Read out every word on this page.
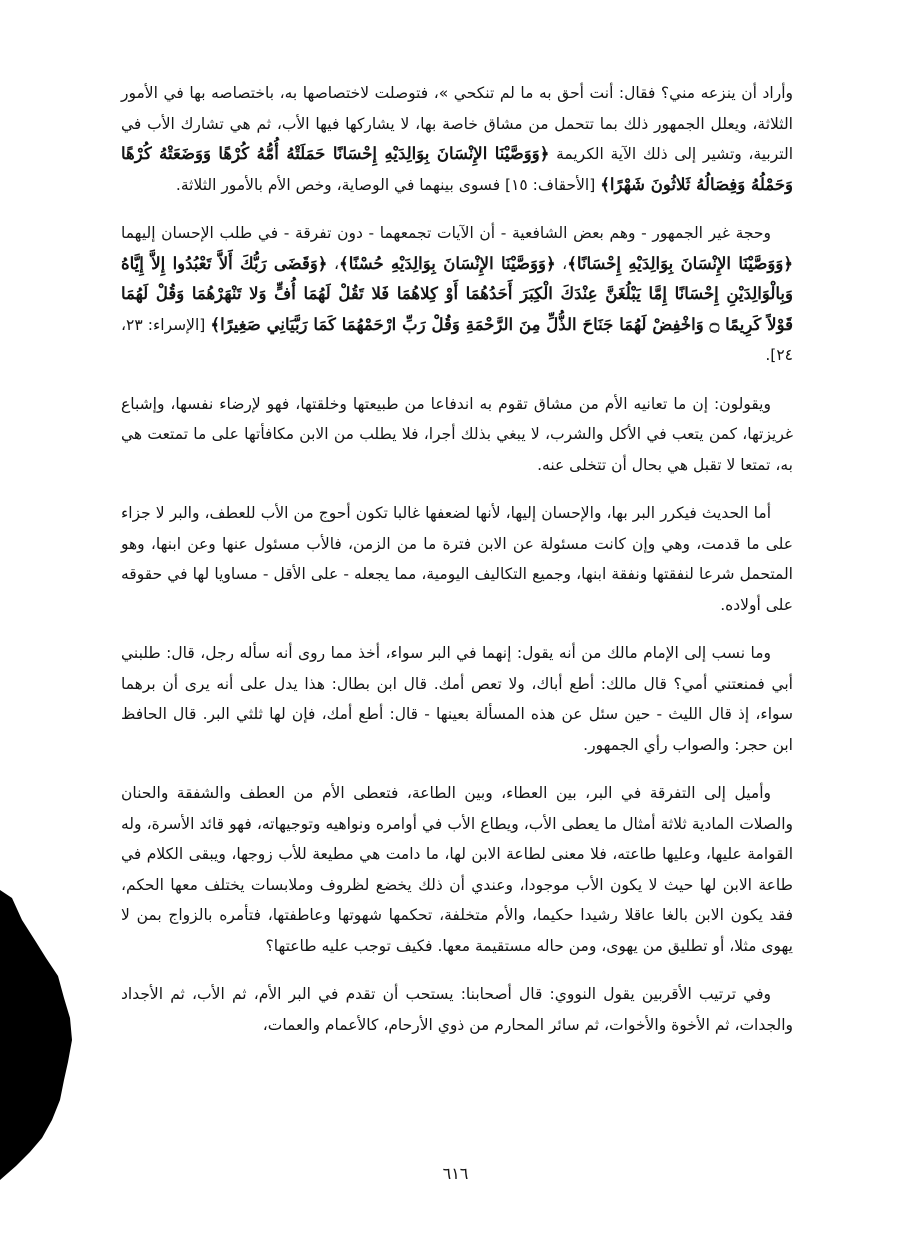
وأراد أن ينزعه مني؟ فقال: أنت أحق به ما لم تنكحي »، فتوصلت لاختصاصها به، باختصاصه بها في الأمور الثلاثة، ويعلل الجمهور ذلك بما تتحمل من مشاق خاصة بها، لا يشاركها فيها الأب، ثم هي تشارك الأب في التربية، وتشير إلى ذلك الآية الكريمة ﴿وَوَصَّيْنَا الإِنْسَانَ بِوَالِدَيْهِ إِحْسَانًا حَمَلَتْهُ أُمُّهُ كُرْهًا وَوَضَعَتْهُ كُرْهًا وَحَمْلُهُ وَفِصَالُهُ ثَلاثُونَ شَهْرًا﴾ [الأحقاف: ١٥] فسوى بينهما في الوصاية، وخص الأم بالأمور الثلاثة.

وحجة غير الجمهور - وهم بعض الشافعية - أن الآيات تجمعهما - دون تفرقة - في طلب الإحسان إليهما ﴿وَوَصَّيْنَا الإِنْسَانَ بِوَالِدَيْهِ إِحْسَانًا﴾، ﴿وَوَصَّيْنَا الإِنْسَانَ بِوَالِدَيْهِ حُسْنًا﴾، ﴿وَقَضَى رَبُّكَ أَلاَّ تَعْبُدُوا إِلاَّ إِيَّاهُ وَبِالْوَالِدَيْنِ إِحْسَانًا إِمَّا يَبْلُغَنَّ عِنْدَكَ الْكِبَرَ أَحَدُهُمَا أَوْ كِلاهُمَا فَلا تَقُلْ لَهُمَا أُفٍّ وَلا تَنْهَرْهُمَا وَقُلْ لَهُمَا قَوْلاً كَرِيمًا ۝ وَاخْفِضْ لَهُمَا جَنَاحَ الذُّلِّ مِنَ الرَّحْمَةِ وَقُلْ رَبِّ ارْحَمْهُمَا كَمَا رَبَّيَانِي صَغِيرًا﴾ [الإسراء: ٢٣، ٢٤].

ويقولون: إن ما تعانيه الأم من مشاق تقوم به اندفاعا من طبيعتها وخلقتها، فهو لإرضاء نفسها، وإشباع غريزتها، كمن يتعب في الأكل والشرب، لا يبغي بذلك أجرا، فلا يطلب من الابن مكافأتها على ما تمتعت هي به، تمتعا لا تقبل هي بحال أن تتخلى عنه.

أما الحديث فيكرر البر بها، والإحسان إليها، لأنها لضعفها غالبا تكون أحوج من الأب للعطف، والبر لا جزاء على ما قدمت، وهي وإن كانت مسئولة عن الابن فترة ما من الزمن، فالأب مسئول عنها وعن ابنها، وهو المتحمل شرعا لنفقتها ونفقة ابنها، وجميع التكاليف اليومية، مما يجعله - على الأقل - مساويا لها في حقوقه على أولاده.

وما نسب إلى الإمام مالك من أنه يقول: إنهما في البر سواء، أخذ مما روى أنه سأله رجل، قال: طلبني أبي فمنعتني أمي؟ قال مالك: أطع أباك، ولا تعص أمك. قال ابن بطال: هذا يدل على أنه يرى أن برهما سواء، إذ قال الليث - حين سئل عن هذه المسألة بعينها - قال: أطع أمك، فإن لها ثلثي البر. قال الحافظ ابن حجر: والصواب رأي الجمهور.

وأميل إلى التفرقة في البر، بين العطاء، وبين الطاعة، فتعطى الأم من العطف والشفقة والحنان والصلات المادية ثلاثة أمثال ما يعطى الأب، ويطاع الأب في أوامره ونواهيه وتوجيهاته، فهو قائد الأسرة، وله القوامة عليها، وعليها طاعته، فلا معنى لطاعة الابن لها، ما دامت هي مطيعة للأب زوجها، ويبقى الكلام في طاعة الابن لها حيث لا يكون الأب موجودا، وعندي أن ذلك يخضع لظروف وملابسات يختلف معها الحكم، فقد يكون الابن بالغا عاقلا رشيدا حكيما، والأم متخلفة، تحكمها شهوتها وعاطفتها، فتأمره بالزواج بمن لا يهوى مثلا، أو تطليق من يهوى، ومن حاله مستقيمة معها. فكيف توجب عليه طاعتها؟

وفي ترتيب الأقربين يقول النووي: قال أصحابنا: يستحب أن تقدم في البر الأم، ثم الأب، ثم الأجداد والجدات، ثم الأخوة والأخوات، ثم سائر المحارم من ذوي الأرحام، كالأعمام والعمات،

٦١٦
